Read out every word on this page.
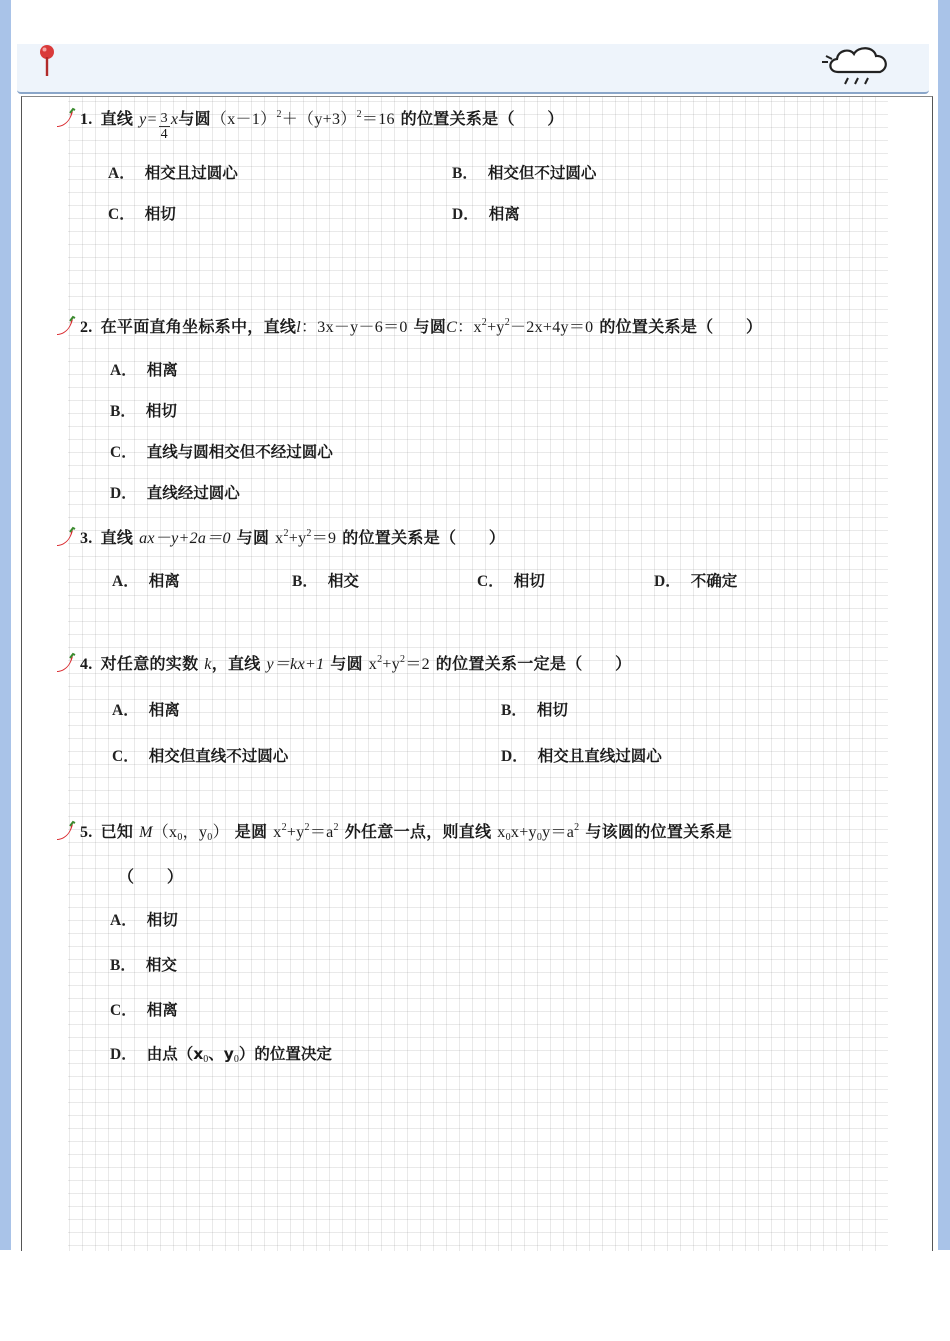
1. 直线 $y= \frac{3}{4}$ x与圆$(x-1)^2+(y+3)^2=16$ 的位置关系是（　　）
A． 相交且过圆心	B． 相交但不过圆心
C． 相切	D． 相离
2. 在平面直角坐标系中，直线l：3x－y－6＝0 与圆C：$x^2+y^2-2x+4y=0$ 的位置关系是（　　）
A． 相离
B． 相切
C． 直线与圆相交但不经过圆心
D． 直线经过圆心
3. 直线 ax－y+2a＝0 与圆 $x^2+y^2=9$ 的位置关系是（　　）
A． 相离	B． 相交	C． 相切	D． 不确定
4. 对任意的实数 k，直线 y＝kx+1 与圆 $x^2+y^2=2$ 的位置关系一定是（　　）
A． 相离	B． 相切
C． 相交但直线不过圆心	D． 相交且直线过圆心
5. 已知 $M(x_0$，$y_0$） 是圆 $x^2+y^2=a^2$ 外任意一点，则直线 $x_0x+y_0y=a^2$ 与该圆的位置关系是
（　　）
A． 相切
B． 相交
C． 相离
D． 由点（$x_0$、$y_0$）的位置决定
